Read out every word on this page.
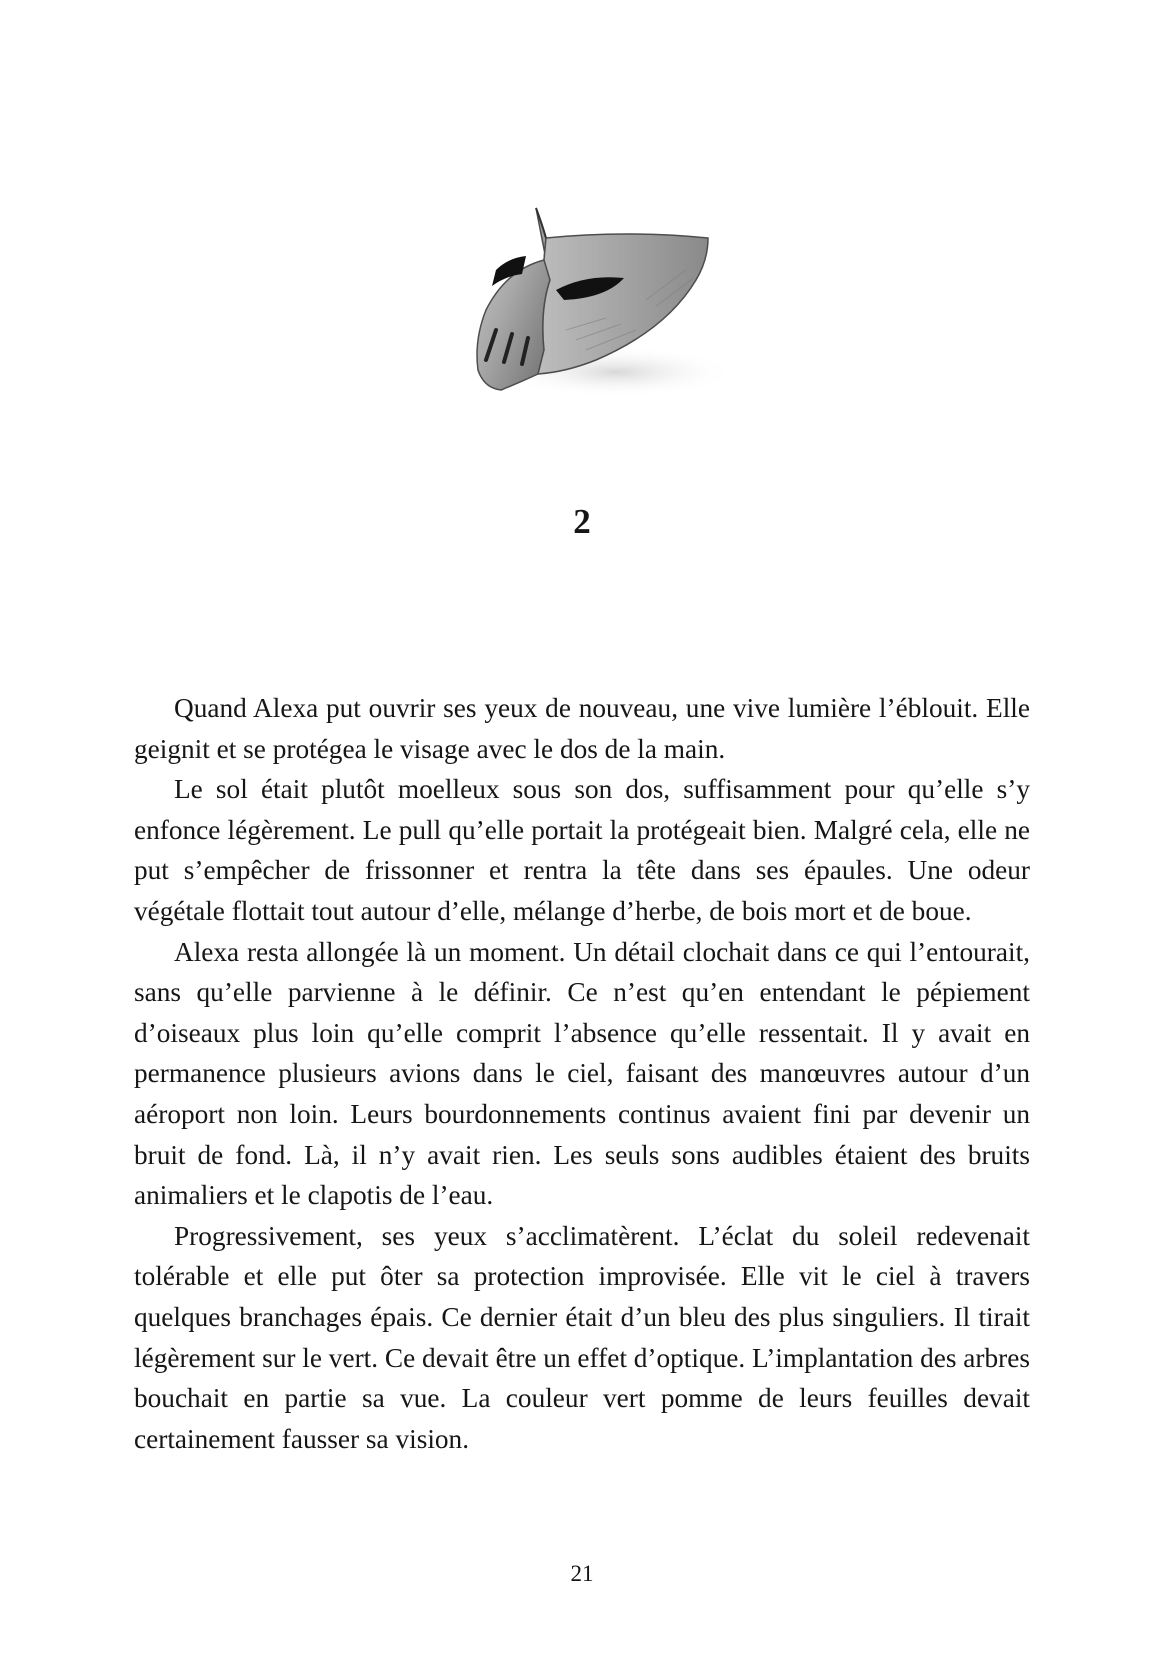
2

Quand Alexa put ouvrir ses yeux de nouveau, une vive lumière l’éblouit. Elle geignit et se protégea le visage avec le dos de la main.

Le sol était plutôt moelleux sous son dos, suffisamment pour qu’elle s’y enfonce légèrement. Le pull qu’elle portait la protégeait bien. Malgré cela, elle ne put s’empêcher de frissonner et rentra la tête dans ses épaules. Une odeur végétale flottait tout autour d’elle, mélange d’herbe, de bois mort et de boue.

Alexa resta allongée là un moment. Un détail clochait dans ce qui l’entourait, sans qu’elle parvienne à le définir. Ce n’est qu’en entendant le pépiement d’oiseaux plus loin qu’elle comprit l’absence qu’elle ressentait. Il y avait en permanence plusieurs avions dans le ciel, faisant des manœuvres autour d’un aéroport non loin. Leurs bourdonnements continus avaient fini par devenir un bruit de fond. Là, il n’y avait rien. Les seuls sons audibles étaient des bruits animaliers et le clapotis de l’eau.

Progressivement, ses yeux s’acclimatèrent. L’éclat du soleil redevenait tolérable et elle put ôter sa protection improvisée. Elle vit le ciel à travers quelques branchages épais. Ce dernier était d’un bleu des plus singuliers. Il tirait légèrement sur le vert. Ce devait être un effet d’optique. L’implantation des arbres bouchait en partie sa vue. La couleur vert pomme de leurs feuilles devait certainement fausser sa vision.

21
